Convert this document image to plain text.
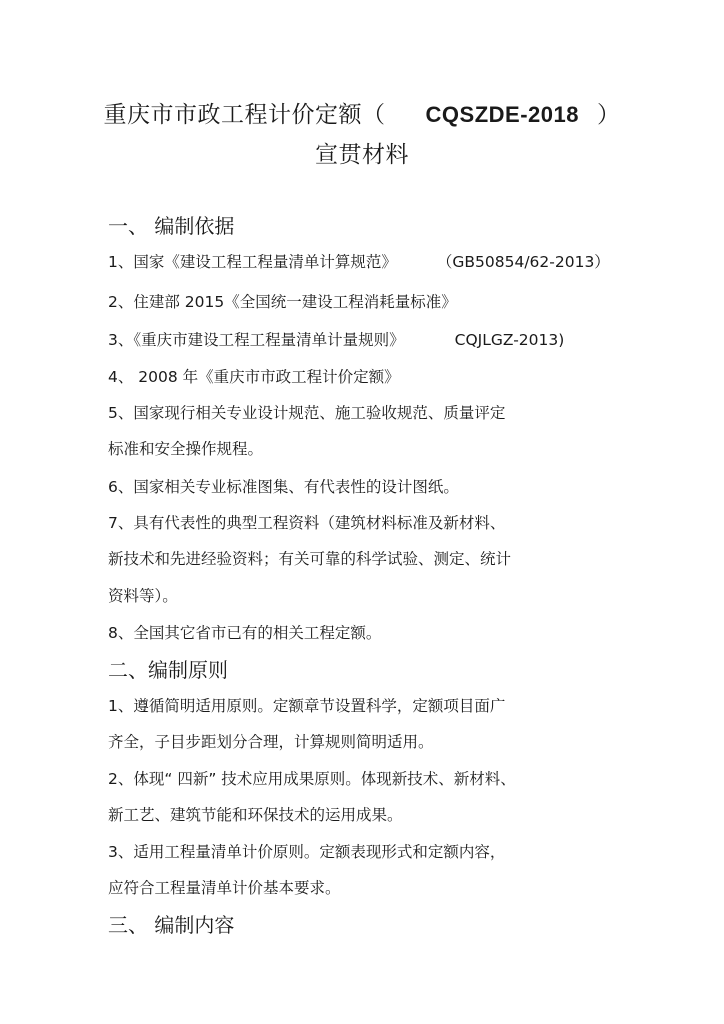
重庆市市政工程计价定额（ CQSZDE-2018 ）
宣贯材料
一、 编制依据
1、国家《建设工程工程量清单计算规范》	（GB50854/62-2013）
2、住建部 2015《全国统一建设工程消耗量标准》
3、《重庆市建设工程工程量清单计量规则》	CQJLGZ-2013)
4、 2008 年《重庆市市政工程计价定额》
5、国家现行相关专业设计规范、施工验收规范、质量评定
标准和安全操作规程。
6、国家相关专业标准图集、有代表性的设计图纸。
7、具有代表性的典型工程资料（建筑材料标准及新材料、
新技术和先进经验资料；有关可靠的科学试验、测定、统计
资料等）。
8、全国其它省市已有的相关工程定额。
二、编制原则
1、遵循简明适用原则。定额章节设置科学，定额项目面广
齐全，子目步距划分合理，计算规则简明适用。
2、体现“ 四新” 技术应用成果原则。体现新技术、新材料、
新工艺、建筑节能和环保技术的运用成果。
3、适用工程量清单计价原则。定额表现形式和定额内容，
应符合工程量清单计价基本要求。
三、 编制内容
